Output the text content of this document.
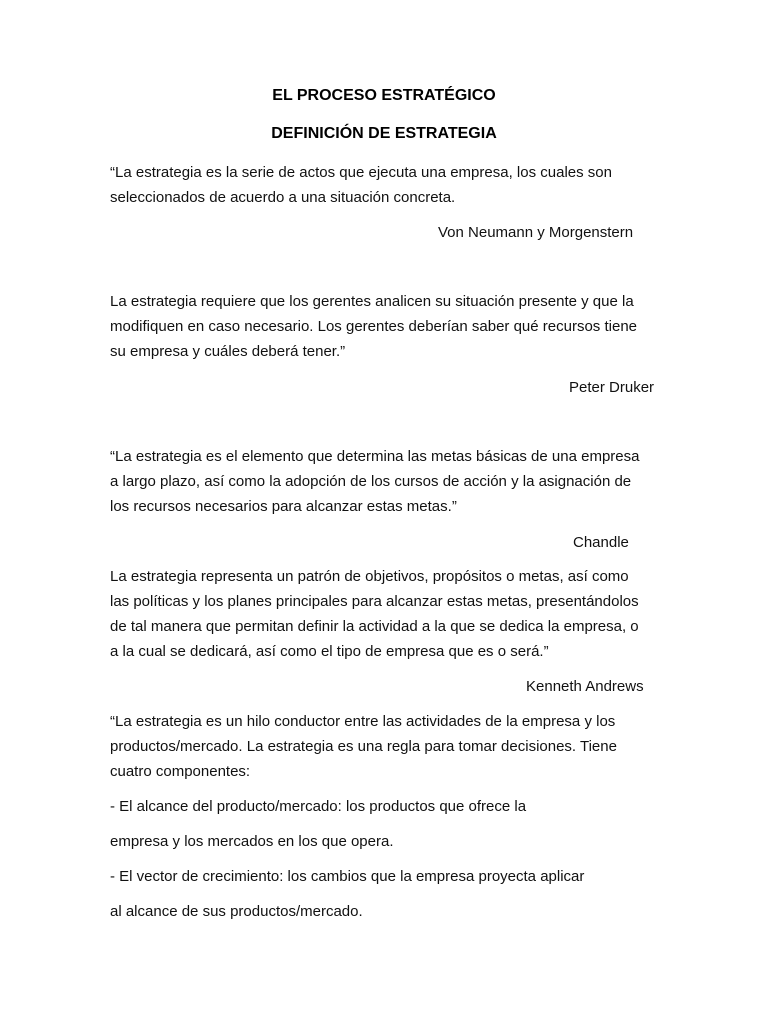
EL PROCESO ESTRATÉGICO
DEFINICIÓN DE ESTRATEGIA
“La estrategia es la serie de actos que ejecuta una empresa, los cuales son
seleccionados de acuerdo a una situación concreta.
Von Neumann y Morgenstern
La estrategia requiere que los gerentes analicen su situación presente y que la
modifiquen en caso necesario. Los gerentes deberían saber qué recursos tiene
su empresa y cuáles deberá tener.”
Peter Druker
“La estrategia es el elemento que determina las metas básicas de una empresa
a largo plazo, así como la adopción de los cursos de acción y la asignación de
los recursos necesarios para alcanzar estas metas.”
Chandle
La estrategia representa un patrón de objetivos, propósitos o metas, así como
las políticas y los planes principales para alcanzar estas metas, presentándolos
de tal manera que permitan definir la actividad a la que se dedica la empresa, o
a la cual se dedicará, así como el tipo de empresa que es o será.”
Kenneth Andrews
“La estrategia es un hilo conductor entre las actividades de la empresa y los
productos/mercado. La estrategia es una regla para tomar decisiones. Tiene
cuatro componentes:
- El alcance del producto/mercado: los productos que ofrece la
empresa y los mercados en los que opera.
- El vector de crecimiento: los cambios que la empresa proyecta aplicar
al alcance de sus productos/mercado.
